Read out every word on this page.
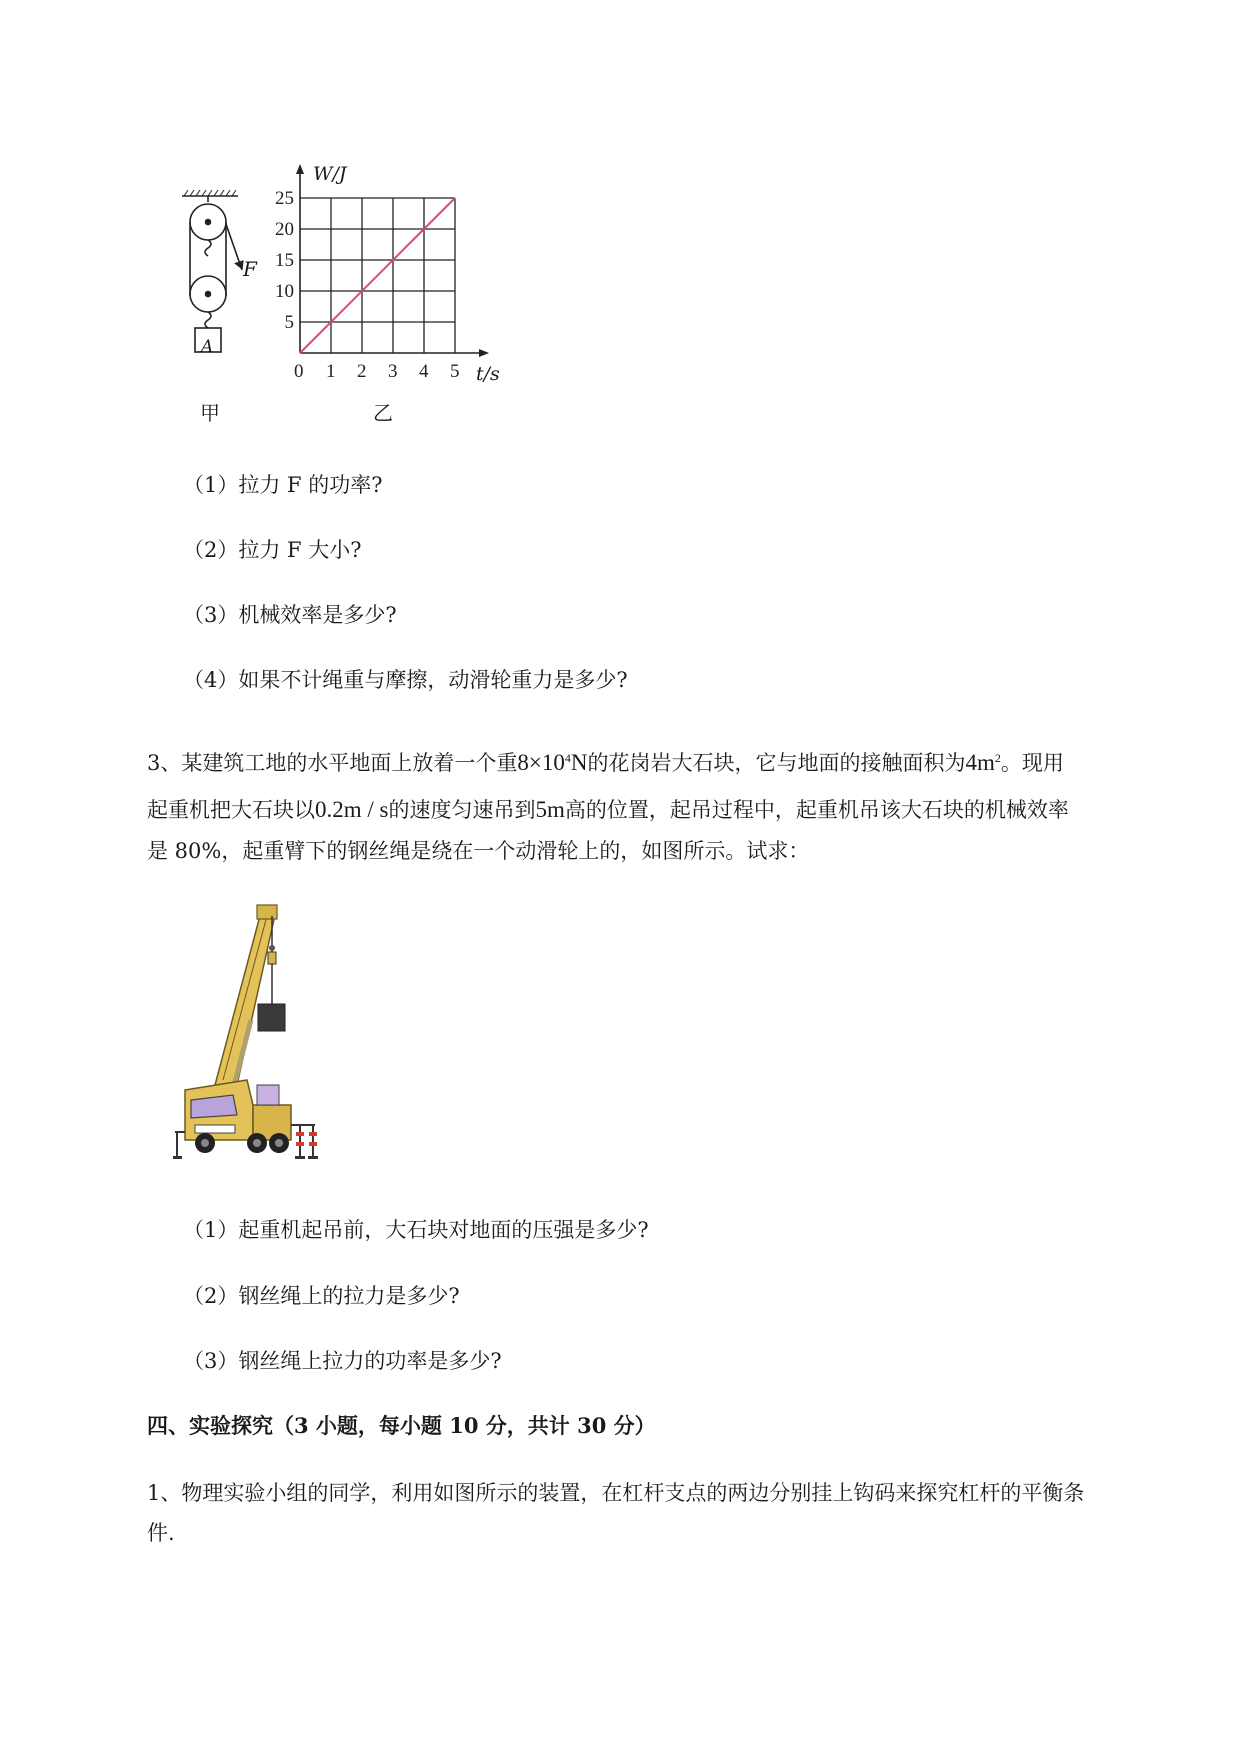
F
A
甲
0 1 2 3 4 5
5
10
15
20
25
W/J
t/s
乙
（1）拉力 F 的功率?
（2）拉力 F 大小?
（3）机械效率是多少?
（4）如果不计绳重与摩擦，动滑轮重力是多少?
3、某建筑工地的水平地面上放着一个重$8\times 10^4N$的花岗岩大石块，它与地面的接触面积为$4m^2$。现用
起重机把大石块以0.2m / s的速度匀速吊到5m高的位置，起吊过程中，起重机吊该大石块的机械效率
是 80%，起重臂下的钢丝绳是绕在一个动滑轮上的，如图所示。试求：
（1）起重机起吊前，大石块对地面的压强是多少?
（2）钢丝绳上的拉力是多少?
（3）钢丝绳上拉力的功率是多少?
四、实验探究（3 小题，每小题 10 分，共计 30 分）
1、物理实验小组的同学，利用如图所示的装置，在杠杆支点的两边分别挂上钩码来探究杠杆的平衡条
件.
